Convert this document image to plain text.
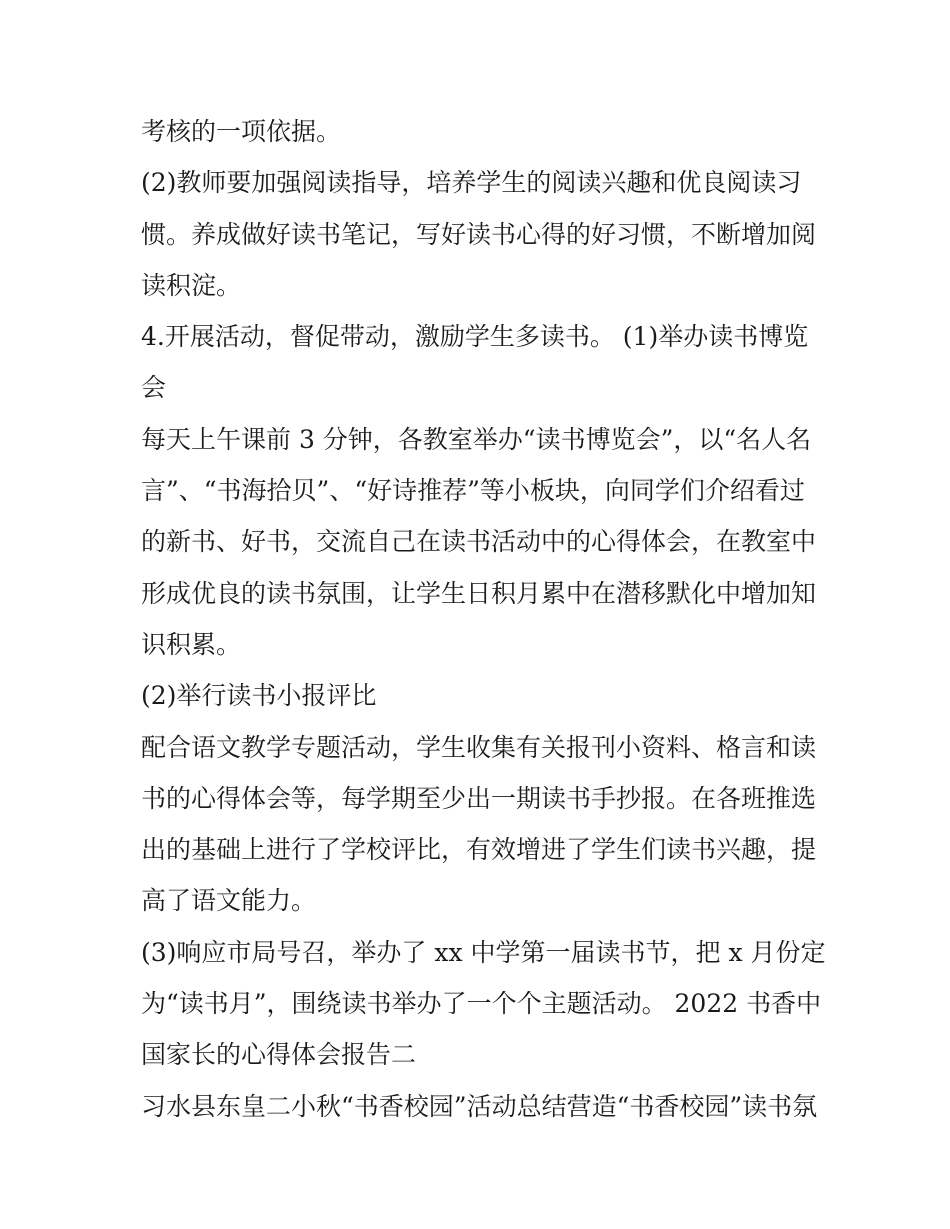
考核的一项依据。
(2)教师要加强阅读指导，培养学生的阅读兴趣和优良阅读习
惯。养成做好读书笔记，写好读书心得的好习惯，不断增加阅
读积淀。
4.开展活动，督促带动，激励学生多读书。 (1)举办读书博览
会
每天上午课前 3 分钟，各教室举办“读书博览会”，以“名人名
言”、“书海拾贝”、“好诗推荐”等小板块，向同学们介绍看过
的新书、好书，交流自己在读书活动中的心得体会，在教室中
形成优良的读书氛围，让学生日积月累中在潜移默化中增加知
识积累。
(2)举行读书小报评比
配合语文教学专题活动，学生收集有关报刊小资料、格言和读
书的心得体会等，每学期至少出一期读书手抄报。在各班推选
出的基础上进行了学校评比，有效增进了学生们读书兴趣，提
高了语文能力。
(3)响应市局号召，举办了 xx 中学第一届读书节，把 x 月份定
为“读书月”，围绕读书举办了一个个主题活动。 2022 书香中
国家长的心得体会报告二
习水县东皇二小秋“书香校园”活动总结营造“书香校园”读书氛
